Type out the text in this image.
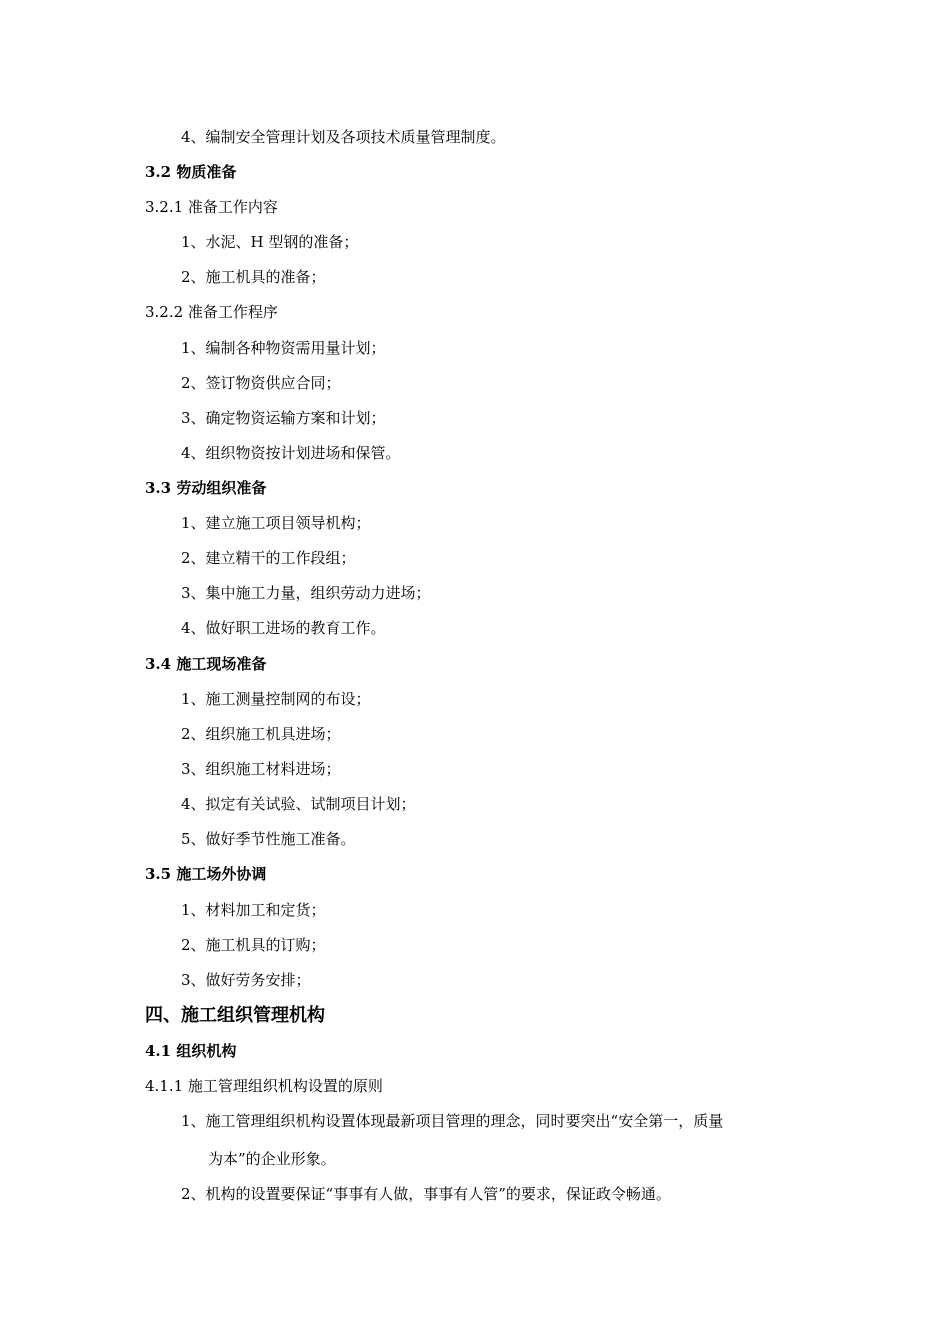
4、编制安全管理计划及各项技术质量管理制度。
3.2 物质准备
3.2.1 准备工作内容
1、水泥、H 型钢的准备；
2、施工机具的准备；
3.2.2 准备工作程序
1、编制各种物资需用量计划；
2、签订物资供应合同；
3、确定物资运输方案和计划；
4、组织物资按计划进场和保管。
3.3 劳动组织准备
1、建立施工项目领导机构；
2、建立精干的工作段组；
3、集中施工力量，组织劳动力进场；
4、做好职工进场的教育工作。
3.4 施工现场准备
1、施工测量控制网的布设；
2、组织施工机具进场；
3、组织施工材料进场；
4、拟定有关试验、试制项目计划；
5、做好季节性施工准备。
3.5 施工场外协调
1、材料加工和定货；
2、施工机具的订购；
3、做好劳务安排；
四、施工组织管理机构
4.1 组织机构
4.1.1 施工管理组织机构设置的原则
1、施工管理组织机构设置体现最新项目管理的理念，同时要突出“安全第一，质量
为本”的企业形象。
2、机构的设置要保证“事事有人做，事事有人管”的要求，保证政令畅通。
